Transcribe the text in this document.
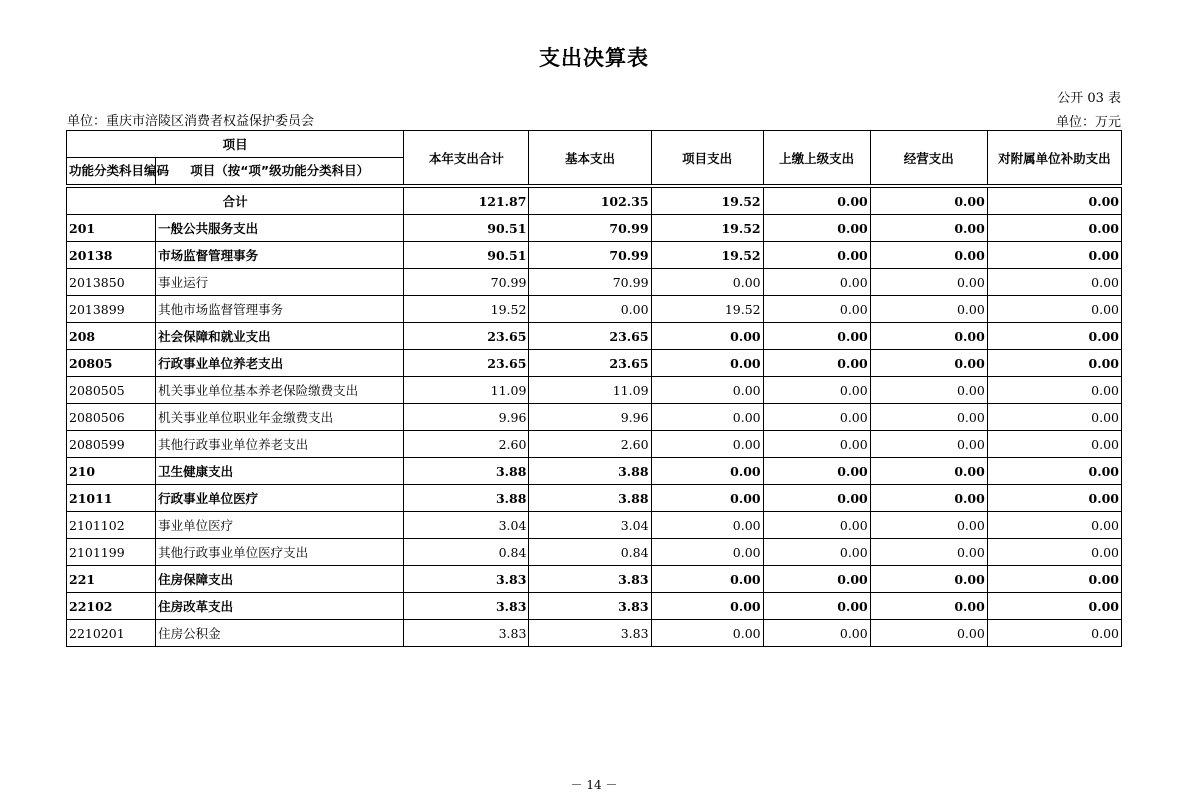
支出决算表
公开 03 表
单位：重庆市涪陵区消费者权益保护委员会	单位：万元
项目		本年支出合计	基本支出	项目支出	上缴上级支出	经营支出	对附属单位补助支出
功能分类科目编码	项目（按“项”级功能分类科目）						

合计		121.87	102.35	19.52	0.00	0.00	0.00
201	一般公共服务支出	90.51	70.99	19.52	0.00	0.00	0.00
20138	市场监督管理事务	90.51	70.99	19.52	0.00	0.00	0.00
2013850	事业运行	70.99	70.99	0.00	0.00	0.00	0.00
2013899	其他市场监督管理事务	19.52	0.00	19.52	0.00	0.00	0.00
208	社会保障和就业支出	23.65	23.65	0.00	0.00	0.00	0.00
20805	行政事业单位养老支出	23.65	23.65	0.00	0.00	0.00	0.00
2080505	机关事业单位基本养老保险缴费支出	11.09	11.09	0.00	0.00	0.00	0.00
2080506	机关事业单位职业年金缴费支出	9.96	9.96	0.00	0.00	0.00	0.00
2080599	其他行政事业单位养老支出	2.60	2.60	0.00	0.00	0.00	0.00
210	卫生健康支出	3.88	3.88	0.00	0.00	0.00	0.00
21011	行政事业单位医疗	3.88	3.88	0.00	0.00	0.00	0.00
2101102	事业单位医疗	3.04	3.04	0.00	0.00	0.00	0.00
2101199	其他行政事业单位医疗支出	0.84	0.84	0.00	0.00	0.00	0.00
221	住房保障支出	3.83	3.83	0.00	0.00	0.00	0.00
22102	住房改革支出	3.83	3.83	0.00	0.00	0.00	0.00
2210201	住房公积金	3.83	3.83	0.00	0.00	0.00	0.00
－ 14 －
